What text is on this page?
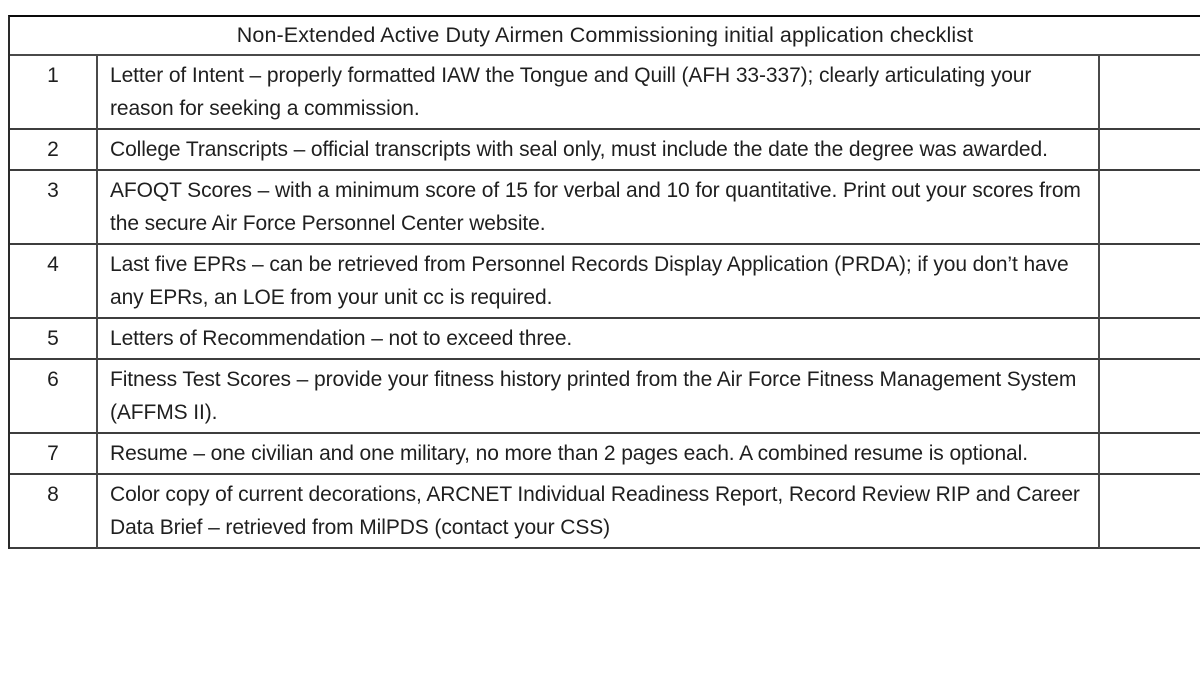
Non-Extended Active Duty Airmen Commissioning initial application checklist
1	Letter of Intent – properly formatted IAW the Tongue and Quill (AFH 33-337); clearly articulating your reason for seeking a commission.
2	College Transcripts – official transcripts with seal only, must include the date the degree was awarded.
3	AFOQT Scores – with a minimum score of 15 for verbal and 10 for quantitative. Print out your scores from the secure Air Force Personnel Center website.
4	Last five EPRs – can be retrieved from Personnel Records Display Application (PRDA); if you don’t have any EPRs, an LOE from your unit cc is required.
5	Letters of Recommendation – not to exceed three.
6	Fitness Test Scores – provide your fitness history printed from the Air Force Fitness Management System (AFFMS II).
7	Resume – one civilian and one military, no more than 2 pages each. A combined resume is optional.
8	Color copy of current decorations, ARCNET Individual Readiness Report, Record Review RIP and Career Data Brief – retrieved from MilPDS (contact your CSS)
